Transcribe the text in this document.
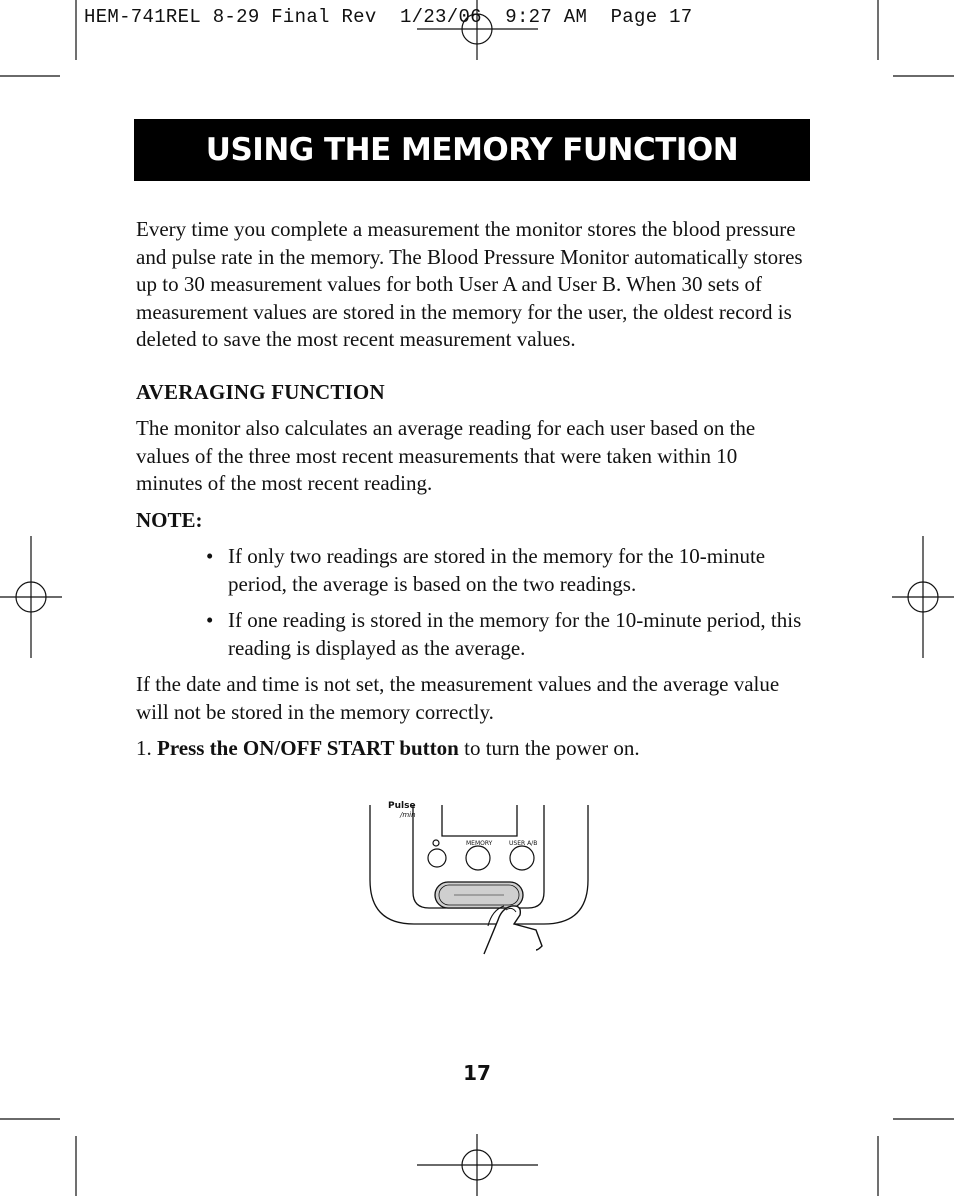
HEM-741REL 8-29 Final Rev  1/23/06  9:27 AM  Page 17
USING THE MEMORY FUNCTION

Every time you complete a measurement the monitor stores the blood pressure and pulse rate in the memory. The Blood Pressure Monitor automatically stores up to 30 measurement values for both User A and User B. When 30 sets of measurement values are stored in the memory for the user, the oldest record is deleted to save the most recent measurement values.

AVERAGING FUNCTION

The monitor also calculates an average reading for each user based on the values of the three most recent measurements that were taken within 10 minutes of the most recent reading.

NOTE:

• If only two readings are stored in the memory for the 10-minute period, the average is based on the two readings.
• If one reading is stored in the memory for the 10-minute period, this reading is displayed as the average.

If the date and time is not set, the measurement values and the average value will not be stored in the memory correctly.

1. Press the ON/OFF START button to turn the power on.

Pulse
/min
MEMORY	USER A/B
17
